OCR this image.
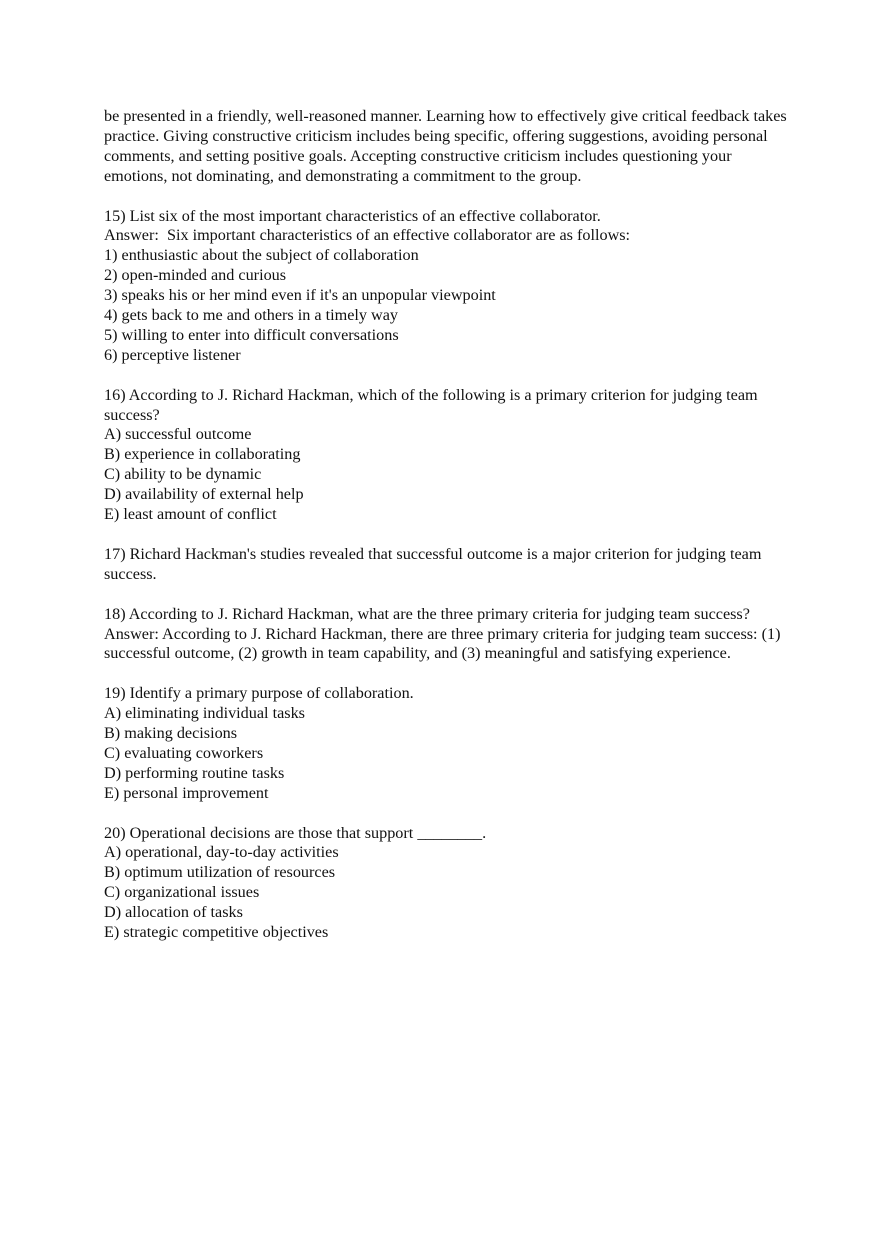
be presented in a friendly, well-reasoned manner. Learning how to effectively give critical feedback takes practice. Giving constructive criticism includes being specific, offering suggestions, avoiding personal comments, and setting positive goals. Accepting constructive criticism includes questioning your emotions, not dominating, and demonstrating a commitment to the group.
15) List six of the most important characteristics of an effective collaborator.
Answer:  Six important characteristics of an effective collaborator are as follows:
1) enthusiastic about the subject of collaboration
2) open-minded and curious
3) speaks his or her mind even if it's an unpopular viewpoint
4) gets back to me and others in a timely way
5) willing to enter into difficult conversations
6) perceptive listener
16) According to J. Richard Hackman, which of the following is a primary criterion for judging team success?
A) successful outcome
B) experience in collaborating
C) ability to be dynamic
D) availability of external help
E) least amount of conflict
17) Richard Hackman's studies revealed that successful outcome is a major criterion for judging team success.
18) According to J. Richard Hackman, what are the three primary criteria for judging team success?
Answer: According to J. Richard Hackman, there are three primary criteria for judging team success: (1) successful outcome, (2) growth in team capability, and (3) meaningful and satisfying experience.
19) Identify a primary purpose of collaboration.
A) eliminating individual tasks
B) making decisions
C) evaluating coworkers
D) performing routine tasks
E) personal improvement
20) Operational decisions are those that support ________.
A) operational, day-to-day activities
B) optimum utilization of resources
C) organizational issues
D) allocation of tasks
E) strategic competitive objectives
